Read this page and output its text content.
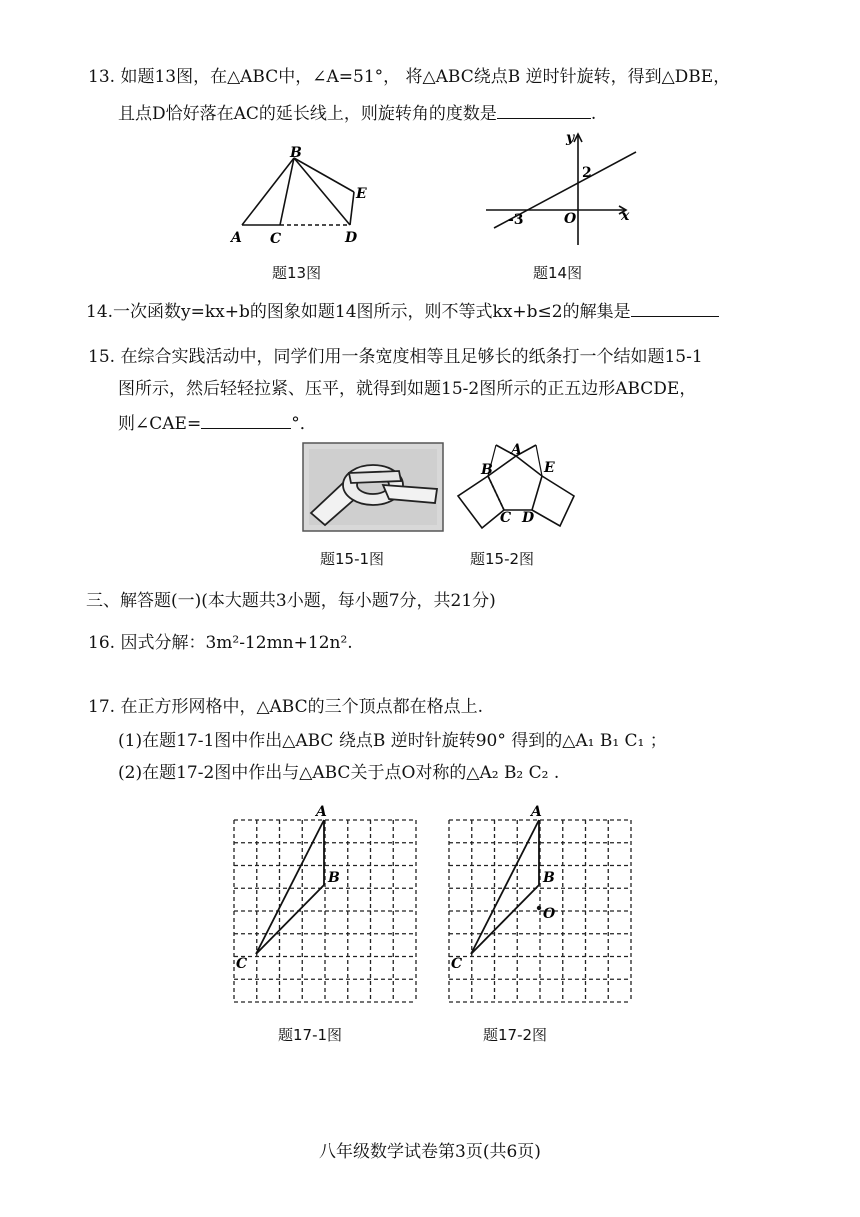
13. 如题13图，在△ABC中，∠A=51°， 将△ABC绕点B 逆时针旋转，得到△DBE，
且点D恰好落在AC的延长线上，则旋转角的度数是	.
A
B
C	D
E
题13图
y
x
O
-3
2
题14图
14.一次函数y=kx+b的图象如题14图所示，则不等式kx+b≤2的解集是
15. 在综合实践活动中，同学们用一条宽度相等且足够长的纸条打一个结如题15-1
图所示，然后轻轻拉紧、压平，就得到如题15-2图所示的正五边形ABCDE，
则∠CAE=	°．
题15-1图
A
B
C D
E
题15-2图
三、解答题(一)(本大题共3小题，每小题7分，共21分)
16. 因式分解：3m²-12mn+12n².
17. 在正方形网格中，△ABC的三个顶点都在格点上.
(1)在题17-1图中作出△ABC 绕点B 逆时针旋转90° 得到的△A₁ B₁ C₁ ；
(2)在题17-2图中作出与△ABC关于点O对称的△A₂ B₂ C₂ .
A
B
C
题17-1图
A
B
C
O
题17-2图
八年级数学试卷第3页(共6页)
